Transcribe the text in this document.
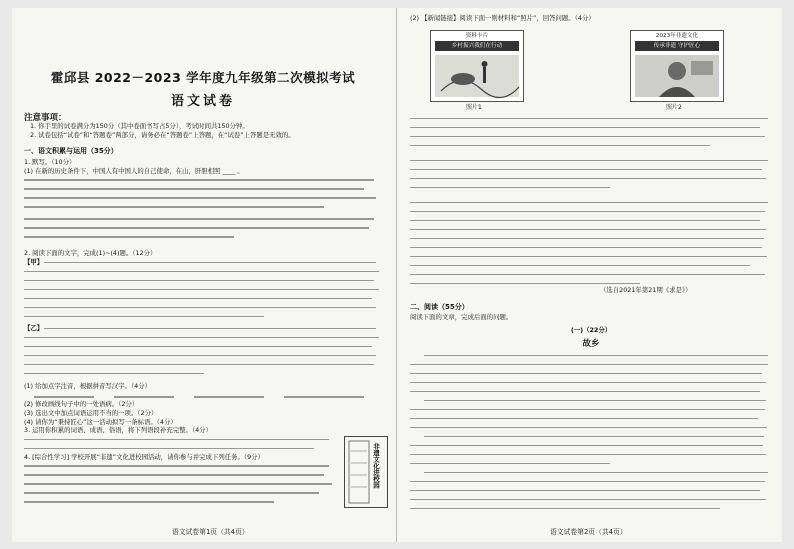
霍邱县 2022－2023 学年度九年级第二次模拟考试
语文试卷
注意事项：
1. 你手里的试卷满分为150分（其中卷面书写占5分），考试时间共150分钟。
2. 试卷包括“试卷”和“答题卷”两部分，请务必在“答题卷”上答题，在“试卷”上答题是无效的。
一、语文积累与运用（35分）
1. 默写。（10分）
(1) 在新的历史条件下，中国人有中国人的自己使命，在山，肝胆相照 ____ 。
2. 阅读下面的文字，完成(1)~(4)题。（12分）
【甲】
【乙】
(1) 给加点字注音，根据拼音写汉字。（4分）
(2) 修改画线句子中的一处语病。（2分）
(3) 选出文中加点词语运用不当的一项。（2分）
(4) 请你为“秉持匠心”这一活动拟写一条标语。（4分）
3. 运用你积累的词语、成语、俗语，将下列语段补充完整。（4分）
4. [综合性学习] 学校开展“非遗”文化进校园活动，请你参与并完成下列任务。（9分）	非遗文化进校园
语文试卷第1页（共4页）
(2) 【新闻链接】阅读下面一则材料和“照片”，回答问题。（4分）
资料卡片
乡村振兴我们在行动
照片1
2023年非遗文化
传承非遗 守护匠心
照片2
（选自2021年第21期《求是》）
二、阅读（55分）
阅读下面的文章，完成后面的问题。
(一)（22分）
故乡
语文试卷第2页（共4页）
